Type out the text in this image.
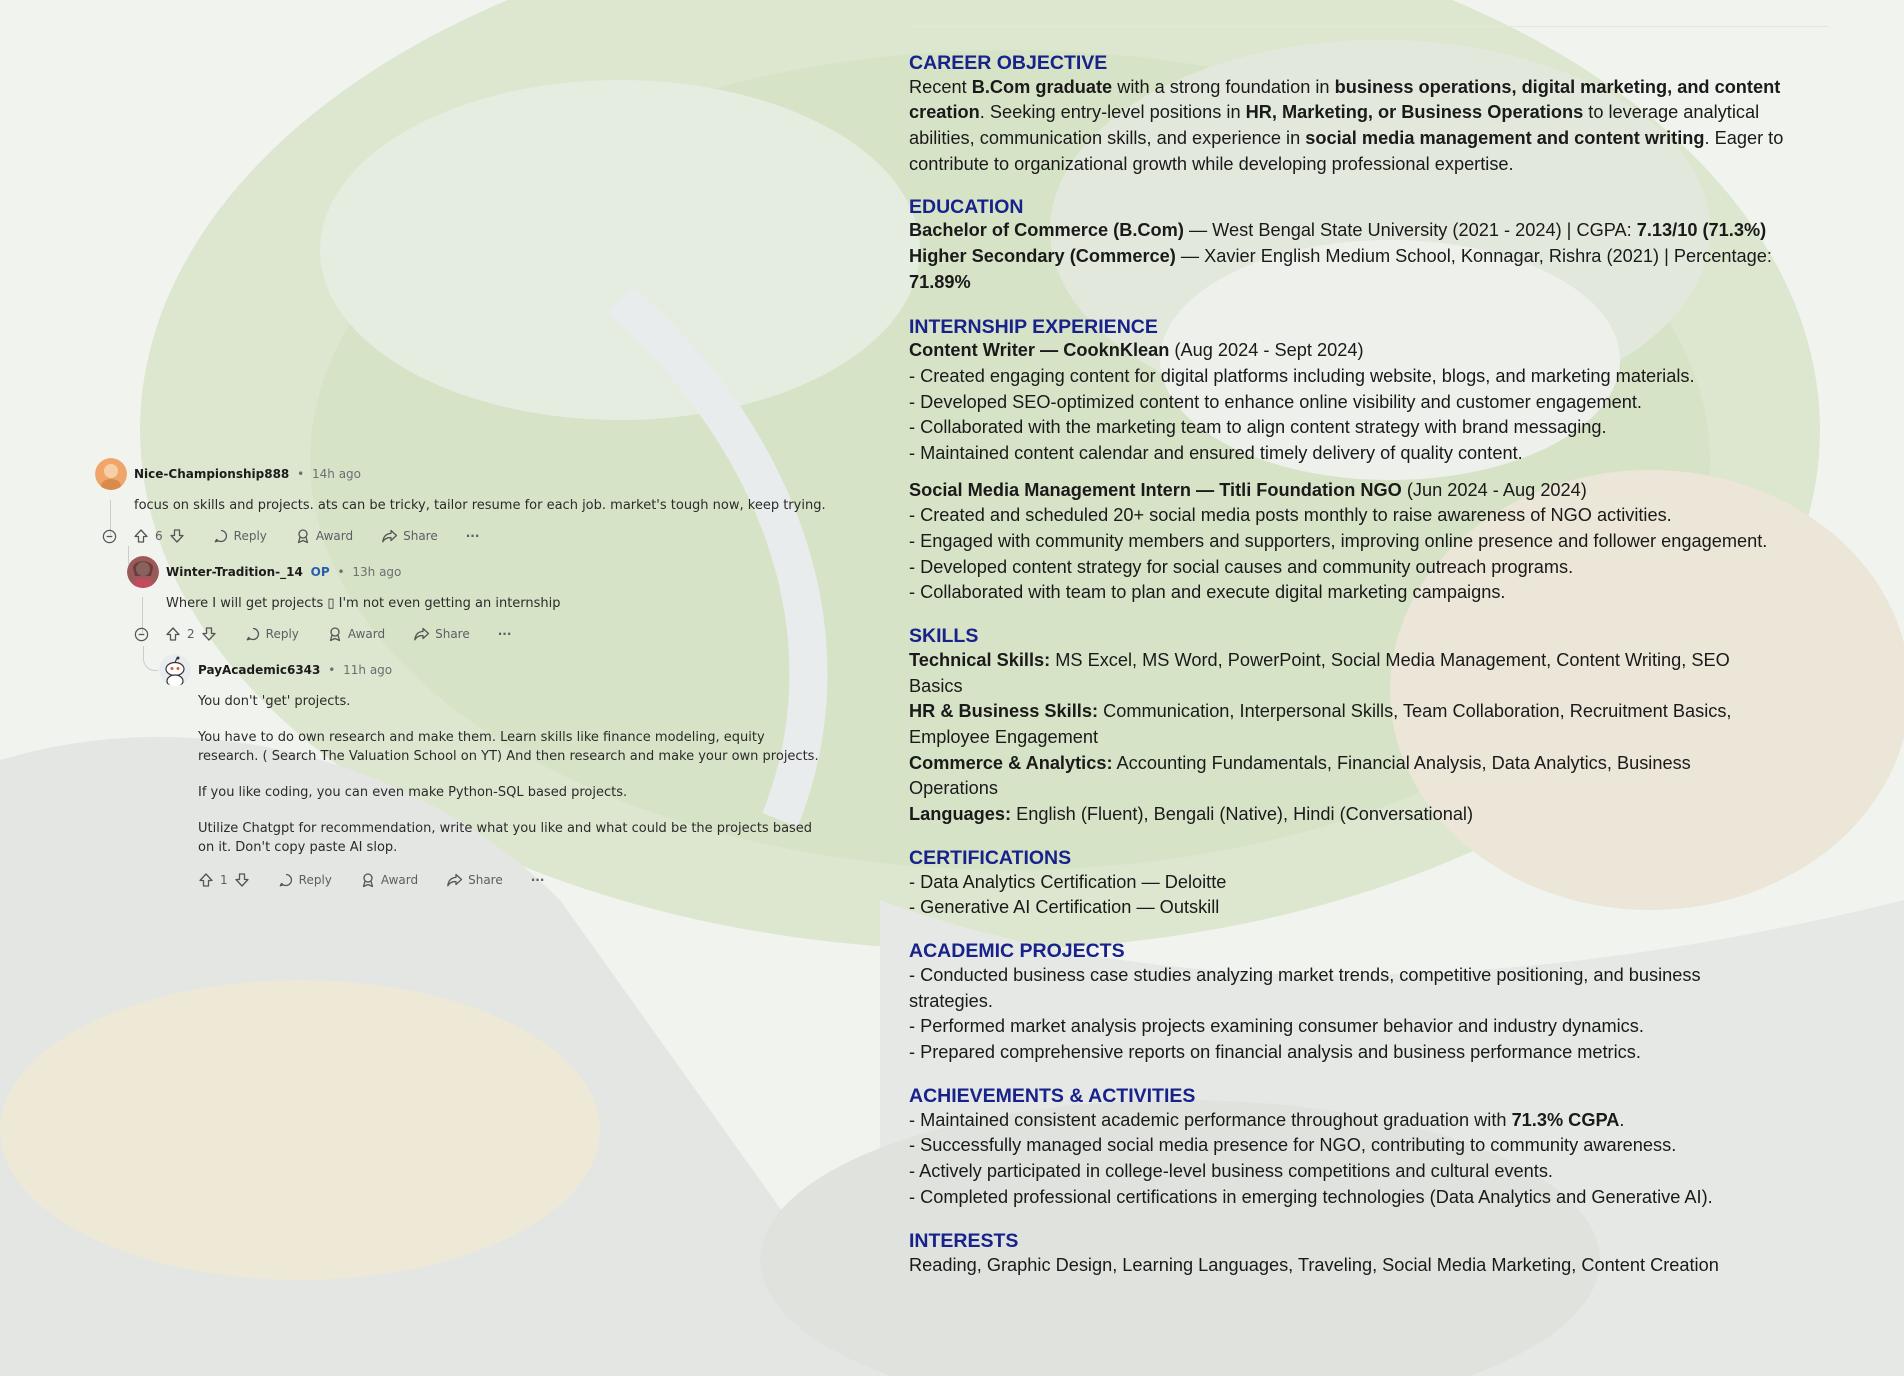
Nice-Championship888 • 14h ago

focus on skills and projects. ats can be tricky, tailor resume for each job. market's tough now, keep trying.

6	Reply	Award	Share ···
Winter-Tradition-_14 OP • 13h ago

Where I will get projects ▯ I'm not even getting an internship

2	Reply	Award	Share ···
PayAcademic6343 • 11h ago

You don't 'get' projects.

You have to do own research and make them. Learn skills like finance modeling, equity research. ( Search The Valuation School on YT) And then research and make your own projects.

If you like coding, you can even make Python-SQL based projects.

Utilize Chatgpt for recommendation, write what you like and what could be the projects based on it. Don't copy paste AI slop.

1	Reply	Award	Share ···
CAREER OBJECTIVE
Recent B.Com graduate with a strong foundation in business operations, digital marketing, and content
creation. Seeking entry-level positions in HR, Marketing, or Business Operations to leverage analytical
abilities, communication skills, and experience in social media management and content writing. Eager to
contribute to organizational growth while developing professional expertise.
EDUCATION
Bachelor of Commerce (B.Com) — West Bengal State University (2021 - 2024) | CGPA: 7.13/10 (71.3%)
Higher Secondary (Commerce) — Xavier English Medium School, Konnagar, Rishra (2021) | Percentage:
71.89%
INTERNSHIP EXPERIENCE
Content Writer — CooknKlean (Aug 2024 - Sept 2024)
- Created engaging content for digital platforms including website, blogs, and marketing materials.
- Developed SEO-optimized content to enhance online visibility and customer engagement.
- Collaborated with the marketing team to align content strategy with brand messaging.
- Maintained content calendar and ensured timely delivery of quality content.
Social Media Management Intern — Titli Foundation NGO (Jun 2024 - Aug 2024)
- Created and scheduled 20+ social media posts monthly to raise awareness of NGO activities.
- Engaged with community members and supporters, improving online presence and follower engagement.
- Developed content strategy for social causes and community outreach programs.
- Collaborated with team to plan and execute digital marketing campaigns.
SKILLS
Technical Skills: MS Excel, MS Word, PowerPoint, Social Media Management, Content Writing, SEO
Basics
HR & Business Skills: Communication, Interpersonal Skills, Team Collaboration, Recruitment Basics,
Employee Engagement
Commerce & Analytics: Accounting Fundamentals, Financial Analysis, Data Analytics, Business
Operations
Languages: English (Fluent), Bengali (Native), Hindi (Conversational)
CERTIFICATIONS
- Data Analytics Certification — Deloitte
- Generative AI Certification — Outskill
ACADEMIC PROJECTS
- Conducted business case studies analyzing market trends, competitive positioning, and business
strategies.
- Performed market analysis projects examining consumer behavior and industry dynamics.
- Prepared comprehensive reports on financial analysis and business performance metrics.
ACHIEVEMENTS & ACTIVITIES
- Maintained consistent academic performance throughout graduation with 71.3% CGPA.
- Successfully managed social media presence for NGO, contributing to community awareness.
- Actively participated in college-level business competitions and cultural events.
- Completed professional certifications in emerging technologies (Data Analytics and Generative AI).
INTERESTS
Reading, Graphic Design, Learning Languages, Traveling, Social Media Marketing, Content Creation
